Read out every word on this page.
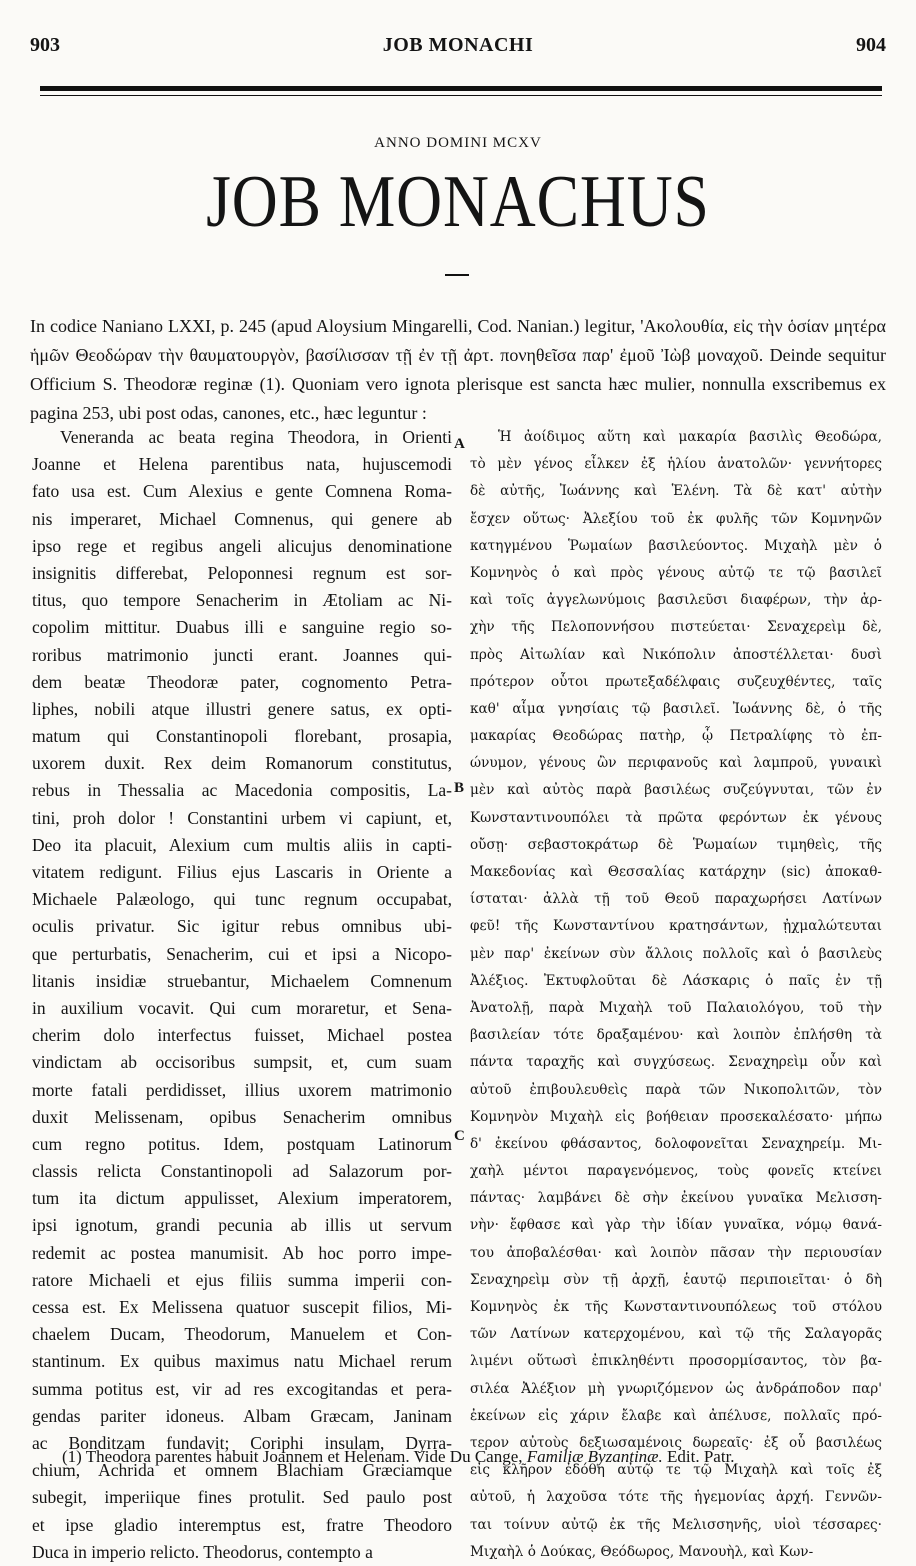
903	JOB MONACHI	904
ANNO DOMINI MCXV
JOB MONACHUS
In codice Naniano LXXI, p. 245 (apud Aloysium Mingarelli, Cod. Nanian.) legitur, 'Ακολουθία, εἰς τὴν ὁσίαν μητέρα ἡμῶν Θεοδώραν τὴν θαυματουργὸν, βασίλισσαν τῇ ἐν τῇ ἀρτ. πονηθεῖσα παρ' ἐμοῦ Ἰὼβ μοναχοῦ. Deinde sequitur Officium S. Theodoræ reginæ (1). Quoniam vero ignota plerisque est sancta hæc mulier, nonnulla exscribemus ex pagina 253, ubi post odas, canones, etc., hæc leguntur :
Veneranda ac beata regina Theodora, in Orienti
Joanne et Helena parentibus nata, hujuscemodi
fato usa est. Cum Alexius e gente Comnena Roma-
nis imperaret, Michael Comnenus, qui genere ab
ipso rege et regibus angeli alicujus denominatione
insignitis differebat, Peloponnesi regnum est sor-
titus, quo tempore Senacherim in Ætoliam ac Ni-
copolim mittitur. Duabus illi e sanguine regio so-
roribus matrimonio juncti erant. Joannes qui-
dem beatæ Theodoræ pater, cognomento Petra-
liphes, nobili atque illustri genere satus, ex opti-
matum qui Constantinopoli florebant, prosapia,
uxorem duxit. Rex deim Romanorum constitutus,
rebus in Thessalia ac Macedonia compositis, La-
tini, proh dolor ! Constantini urbem vi capiunt, et,
Deo ita placuit, Alexium cum multis aliis in capti-
vitatem redigunt. Filius ejus Lascaris in Oriente a
Michaele Palæologo, qui tunc regnum occupabat,
oculis privatur. Sic igitur rebus omnibus ubi-
que perturbatis, Senacherim, cui et ipsi a Nicopo-
litanis insidiæ struebantur, Michaelem Comnenum
in auxilium vocavit. Qui cum moraretur, et Sena-
cherim dolo interfectus fuisset, Michael postea
vindictam ab occisoribus sumpsit, et, cum suam
morte fatali perdidisset, illius uxorem matrimonio
duxit Melissenam, opibus Senacherim omnibus
cum regno potitus. Idem, postquam Latinorum
classis relicta Constantinopoli ad Salazorum por-
tum ita dictum appulisset, Alexium imperatorem,
ipsi ignotum, grandi pecunia ab illis ut servum
redemit ac postea manumisit. Ab hoc porro impe-
ratore Michaeli et ejus filiis summa imperii con-
cessa est. Ex Melissena quatuor suscepit filios, Mi-
chaelem Ducam, Theodorum, Manuelem et Con-
stantinum. Ex quibus maximus natu Michael rerum
summa potitus est, vir ad res excogitandas et pera-
gendas pariter idoneus. Albam Græcam, Janinam
ac Bonditzam fundavit; Coriphi insulam, Dyrra-
chium, Achrida et omnem Blachiam Græciamque
subegit, imperiique fines protulit. Sed paulo post
et ipse gladio interemptus est, fratre Theodoro
Duca in imperio relicto. Theodorus, contempto a
Ἡ ἀοίδιμος αὕτη καὶ μακαρία βασιλὶς Θεοδώρα,
τὸ μὲν γένος εἶλκεν ἐξ ἡλίου ἀνατολῶν· γεννήτορες
δὲ αὐτῆς, Ἰωάννης καὶ Ἑλένη. Τὰ δὲ κατ' αὐτὴν
ἔσχεν οὕτως· Ἀλεξίου τοῦ ἐκ φυλῆς τῶν Κομνηνῶν
κατηγμένου Ῥωμαίων βασιλεύοντος. Μιχαὴλ μὲν ὁ
Κομνηνὸς ὁ καὶ πρὸς γένους αὐτῷ τε τῷ βασιλεῖ
καὶ τοῖς ἀγγελωνύμοις βασιλεῦσι διαφέρων, τὴν ἀρ-
χὴν τῆς Πελοποννήσου πιστεύεται· Σεναχερεὶμ δὲ,
πρὸς Αἰτωλίαν καὶ Νικόπολιν ἀποστέλλεται· δυσὶ
πρότερον οὗτοι πρωτεξαδέλφαις συζευχθέντες, ταῖς
καθ' αἷμα γνησίαις τῷ βασιλεῖ. Ἰωάννης δὲ, ὁ τῆς
μακαρίας Θεοδώρας πατὴρ, ᾧ Πετραλίφης τὸ ἐπ-
ώνυμον, γένους ὢν περιφανοῦς καὶ λαμπροῦ, γυναικὶ
μὲν καὶ αὐτὸς παρὰ βασιλέως συζεύγνυται, τῶν ἐν
Κωνσταντινουπόλει τὰ πρῶτα φερόντων ἐκ γένους
οὔσῃ· σεβαστοκράτωρ δὲ Ῥωμαίων τιμηθεὶς, τῆς
Μακεδονίας καὶ Θεσσαλίας κατάρχην (sic) ἀποκαθ-
ίσταται· ἀλλὰ τῇ τοῦ Θεοῦ παραχωρήσει Λατίνων
φεῦ! τῆς Κωνσταντίνου κρατησάντων, ᾐχμαλώτευται
μὲν παρ' ἐκείνων σὺν ἄλλοις πολλοῖς καὶ ὁ βασιλεὺς
Ἀλέξιος. Ἐκτυφλοῦται δὲ Λάσκαρις ὁ παῖς ἐν τῇ
Ἀνατολῇ, παρὰ Μιχαὴλ τοῦ Παλαιολόγου, τοῦ τὴν
βασιλείαν τότε δραξαμένου· καὶ λοιπὸν ἐπλήσθη τὰ
πάντα ταραχῆς καὶ συγχύσεως. Σεναχηρεὶμ οὖν καὶ
αὐτοῦ ἐπιβουλευθεὶς παρὰ τῶν Νικοπολιτῶν, τὸν
Κομνηνὸν Μιχαὴλ εἰς βοήθειαν προσεκαλέσατο· μήπω
δ' ἐκείνου φθάσαντος, δολοφονεῖται Σεναχηρείμ. Μι-
χαὴλ μέντοι παραγενόμενος, τοὺς φονεῖς κτείνει
πάντας· λαμβάνει δὲ σὴν ἐκείνου γυναῖκα Μελισση-
νὴν· ἔφθασε καὶ γὰρ τὴν ἰδίαν γυναῖκα, νόμῳ θανά-
του ἀποβαλέσθαι· καὶ λοιπὸν πᾶσαν τὴν περιουσίαν
Σεναχηρεὶμ σὺν τῇ ἀρχῇ, ἑαυτῷ περιποιεῖται· ὁ δὴ
Κομνηνὸς ἐκ τῆς Κωνσταντινουπόλεως τοῦ στόλου
τῶν Λατίνων κατερχομένου, καὶ τῷ τῆς Σαλαγορᾶς
λιμένι οὕτωσὶ ἐπικληθέντι προσορμίσαντος, τὸν βα-
σιλέα Ἀλέξιον μὴ γνωριζόμενον ὡς ἀνδράποδον παρ'
ἐκείνων εἰς χάριν ἔλαβε καὶ ἀπέλυσε, πολλαῖς πρό-
τερον αὐτοὺς δεξιωσαμένοις δωρεαῖς· ἐξ οὗ βασιλέως
εἰς κλῆρον ἐδόθη αὐτῷ τε τῷ Μιχαὴλ καὶ τοῖς ἐξ
αὐτοῦ, ἡ λαχοῦσα τότε τῆς ἡγεμονίας ἀρχή. Γεννῶν-
ται τοίνυν αὐτῷ ἐκ τῆς Μελισσηνῆς, υἱοὶ τέσσαρες·
Μιχαὴλ ὁ Δούκας, Θεόδωρος, Μανουὴλ, καὶ Κων-
A
B
C
(1) Theodora parentes habuit Joannem et Helenam. Vide Du Cange, Familiæ Byzantinæ. Edit. Patr.
